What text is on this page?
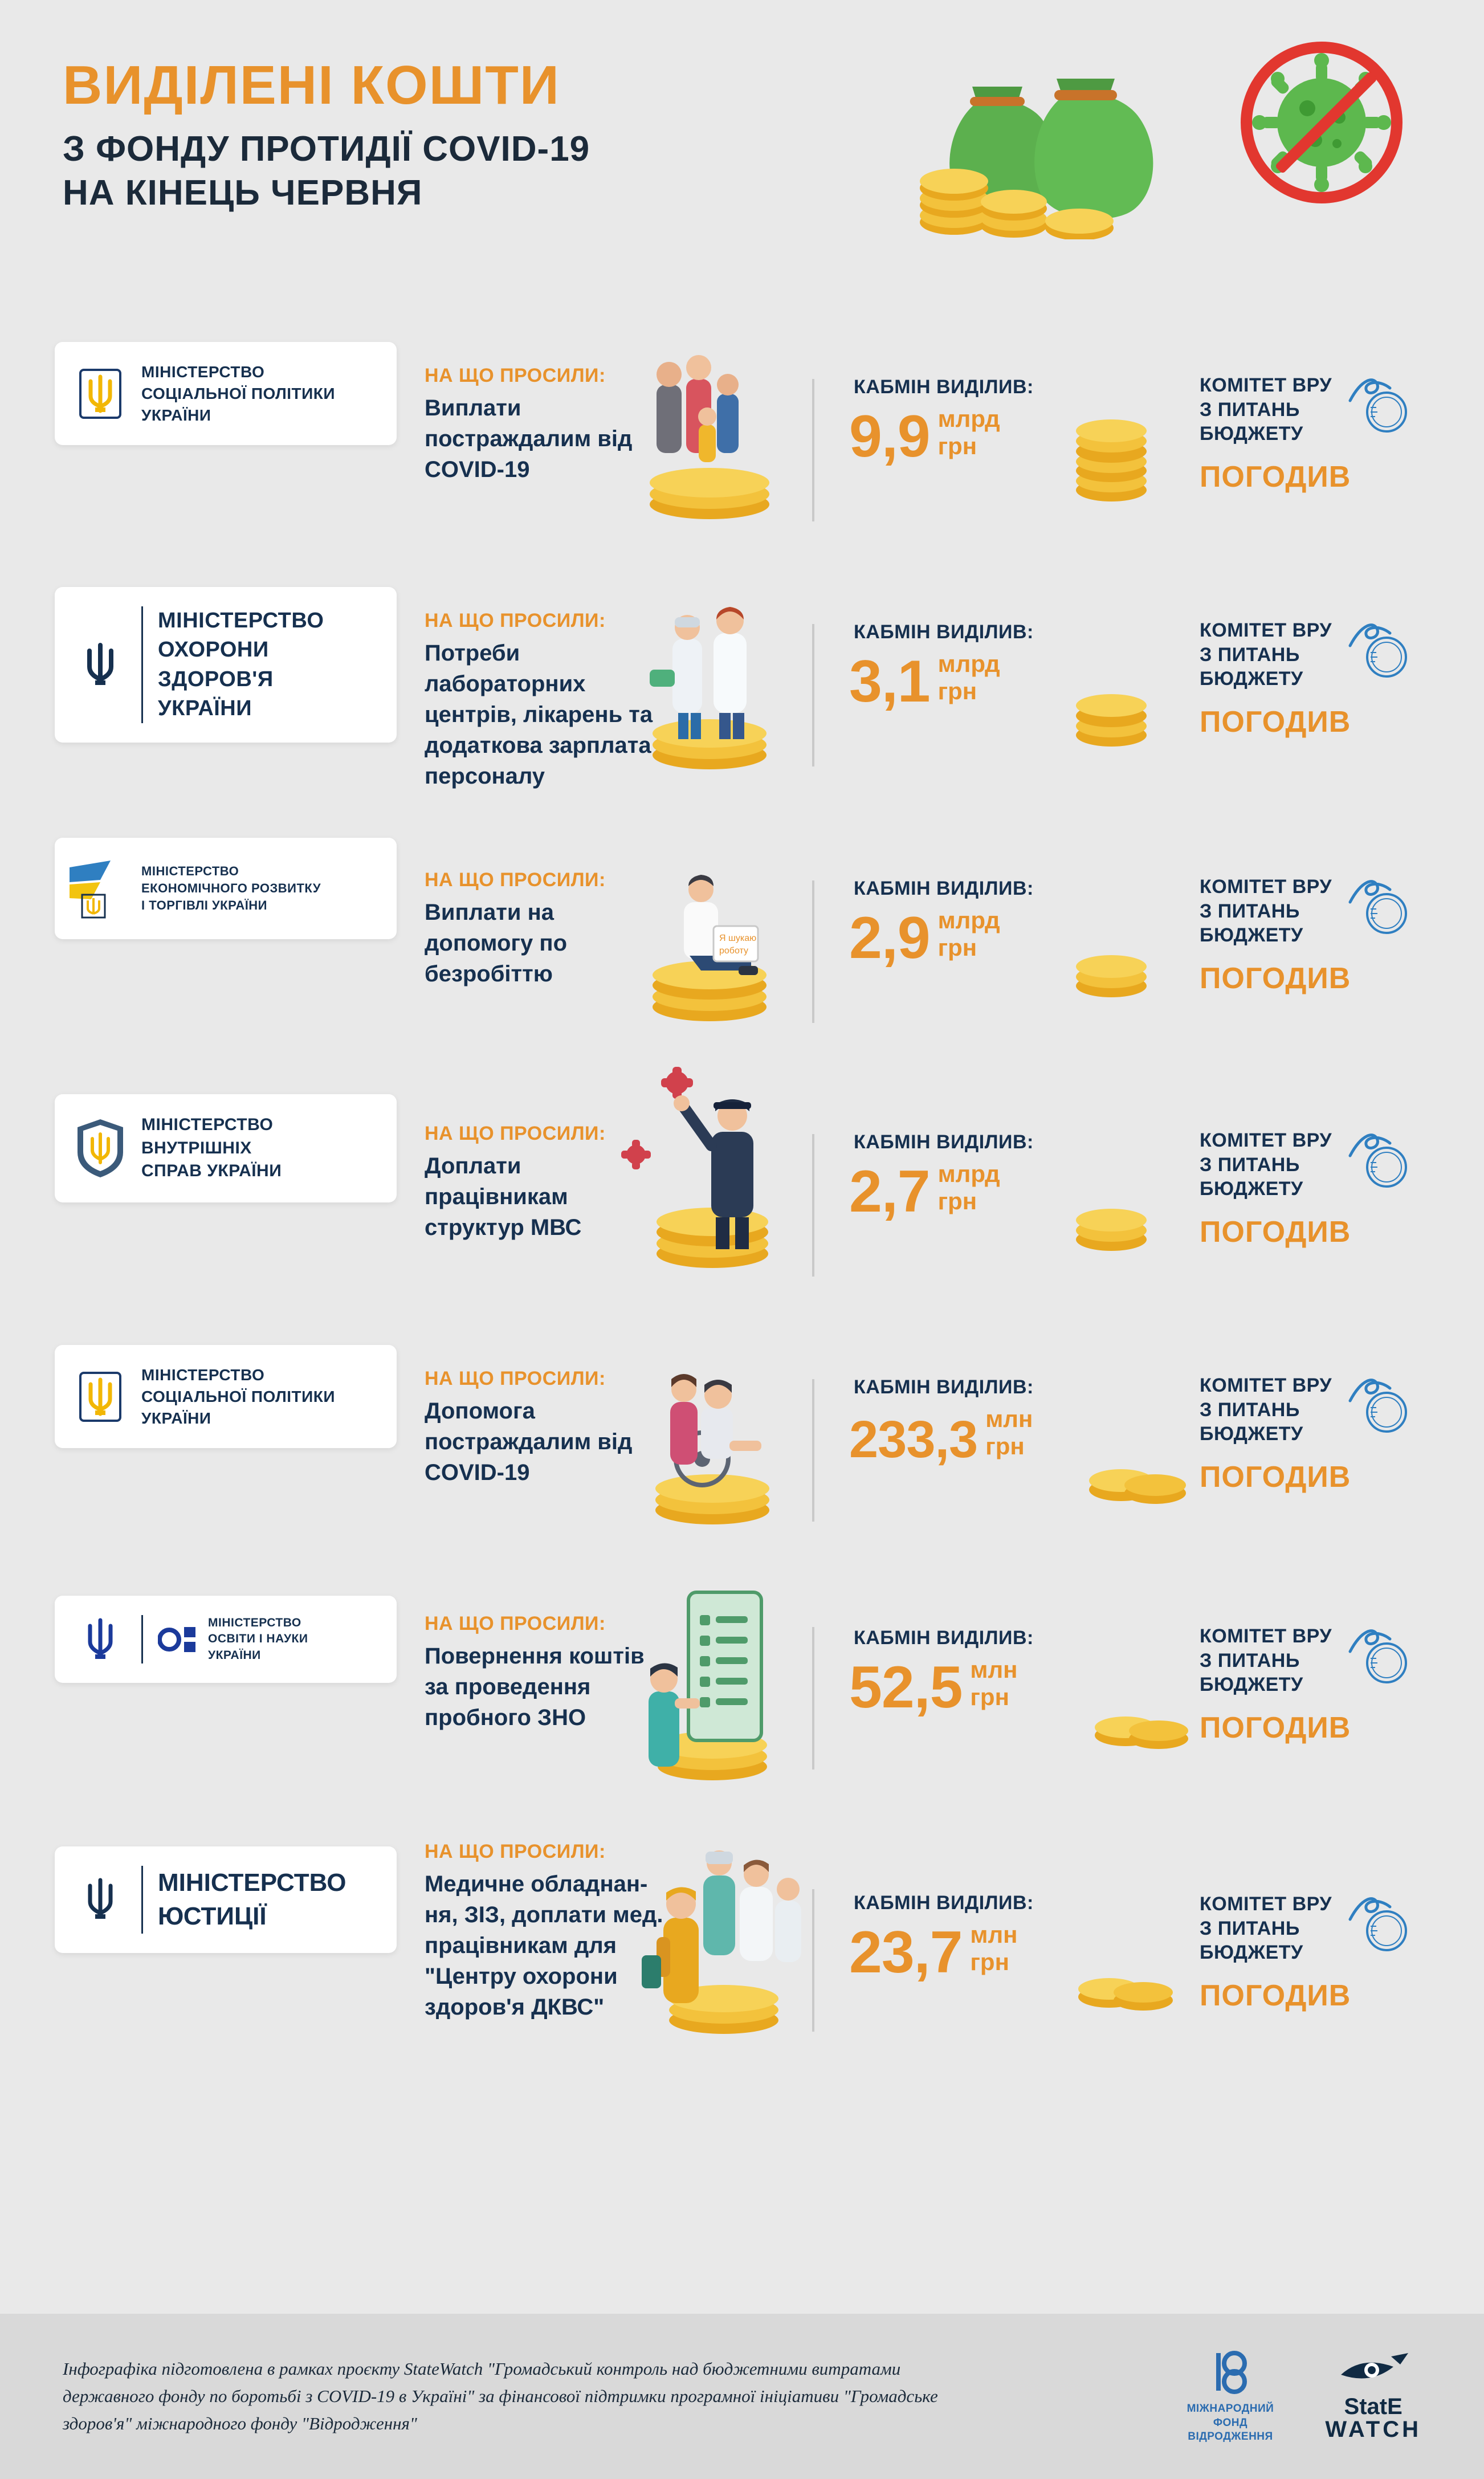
ВИДІЛЕНІ КОШТИ
З ФОНДУ ПРОТИДІЇ COVID-19
НА КІНЕЦЬ ЧЕРВНЯ
МІНІСТЕРСТВО
СОЦІАЛЬНОЇ ПОЛІТИКИ
УКРАЇНИ
НА ЩО ПРОСИЛИ:
Виплати постраждалим від COVID-19
КАБМІН ВИДІЛИВ:
9,9 млрд
грн
КОМІТЕТ ВРУ
З ПИТАНЬ
БЮДЖЕТУ
ПОГОДИВ
МІНІСТЕРСТВО
ОХОРОНИ
ЗДОРОВ'Я
УКРАЇНИ
НА ЩО ПРОСИЛИ:
Потреби лабораторних центрів, лікарень та додаткова зарплата персоналу
КАБМІН ВИДІЛИВ:
3,1 млрд
грн
КОМІТЕТ ВРУ
З ПИТАНЬ
БЮДЖЕТУ
ПОГОДИВ
МІНІСТЕРСТВО
ЕКОНОМІЧНОГО РОЗВИТКУ
І ТОРГІВЛІ УКРАЇНИ
НА ЩО ПРОСИЛИ:
Виплати на допомогу по безробіттю
Я шукаю
роботу
КАБМІН ВИДІЛИВ:
2,9 млрд
грн
КОМІТЕТ ВРУ
З ПИТАНЬ
БЮДЖЕТУ
ПОГОДИВ
МІНІСТЕРСТВО
ВНУТРІШНІХ
СПРАВ УКРАЇНИ
НА ЩО ПРОСИЛИ:
Доплати працівникам структур МВС
КАБМІН ВИДІЛИВ:
2,7 млрд
грн
КОМІТЕТ ВРУ
З ПИТАНЬ
БЮДЖЕТУ
ПОГОДИВ
МІНІСТЕРСТВО
СОЦІАЛЬНОЇ ПОЛІТИКИ
УКРАЇНИ
НА ЩО ПРОСИЛИ:
Допомога постраждалим від COVID-19
КАБМІН ВИДІЛИВ:
233,3 млн
грн
КОМІТЕТ ВРУ
З ПИТАНЬ
БЮДЖЕТУ
ПОГОДИВ
МІНІСТЕРСТВО
ОСВІТИ І НАУКИ
УКРАЇНИ
НА ЩО ПРОСИЛИ:
Повернення коштів за проведення пробного ЗНО
КАБМІН ВИДІЛИВ:
52,5 млн
грн
КОМІТЕТ ВРУ
З ПИТАНЬ
БЮДЖЕТУ
ПОГОДИВ
МІНІСТЕРСТВО
ЮСТИЦІЇ
НА ЩО ПРОСИЛИ:
Медичне обладнан-ня, ЗІЗ, доплати мед. працівникам для "Центру охорони здоров'я ДКВС"
КАБМІН ВИДІЛИВ:
23,7 млн
грн
КОМІТЕТ ВРУ
З ПИТАНЬ
БЮДЖЕТУ
ПОГОДИВ
Інфографіка підготовлена в рамках проєкту StateWatch "Громадський контроль над бюджетними витратами державного фонду по боротьбі з COVID-19 в Україні" за фінансової підтримки програмної ініціативи "Громадське здоров'я" міжнародного фонду "Відродження"
МІЖНАРОДНИЙ
ФОНД
ВІДРОДЖЕННЯ
StatE
WATCH
